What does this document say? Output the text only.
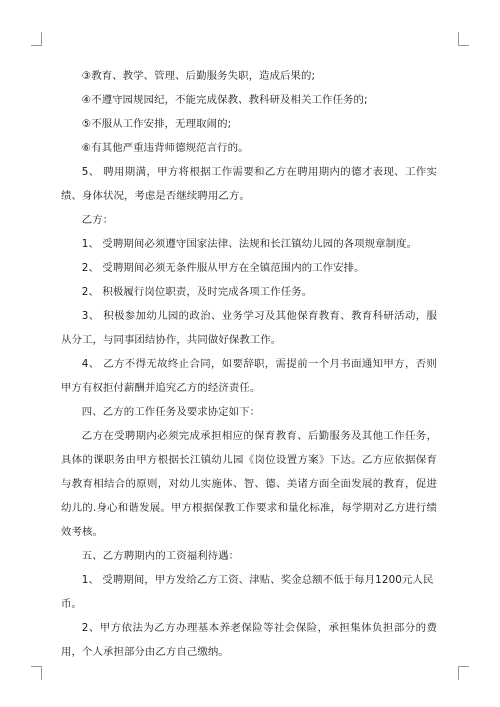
③教育、教学、管理、后勤服务失职，造成后果的;

④不遵守园规园纪，不能完成保教、教科研及相关工作任务的;

⑤不服从工作安排，无理取闹的;

⑥有其他严重违背师德规范言行的。

5、 聘用期满，甲方将根据工作需要和乙方在聘用期内的德才表现、工作实绩、身体状况，考虑是否继续聘用乙方。

乙方：

1、 受聘期间必须遵守国家法律、法规和长江镇幼儿园的各项规章制度。

2、 受聘期间必须无条件服从甲方在全镇范围内的工作安排。

2、 积极履行岗位职责，及时完成各项工作任务。

3、 积极参加幼儿园的政治、业务学习及其他保育教育、教育科研活动，服从分工，与同事团结协作，共同做好保教工作。

4、 乙方不得无故终止合同，如要辞职，需提前一个月书面通知甲方，否则甲方有权拒付薪酬并追究乙方的经济责任。

四、乙方的工作任务及要求协定如下：

乙方在受聘期内必须完成承担相应的保育教育、后勤服务及其他工作任务，具体的课职务由甲方根据长江镇幼儿园《岗位设置方案》下达。乙方应依据保育与教育相结合的原则，对幼儿实施体、智、德、美诸方面全面发展的教育，促进幼儿的.身心和谐发展。甲方根据保教工作要求和量化标准，每学期对乙方进行绩效考核。

五、乙方聘期内的工资福利待遇：

1、 受聘期间，甲方发给乙方工资、津贴、奖金总额不低于每月1200元人民币。

2、甲方依法为乙方办理基本养老保险等社会保险，承担集体负担部分的费用，个人承担部分由乙方自己缴纳。
